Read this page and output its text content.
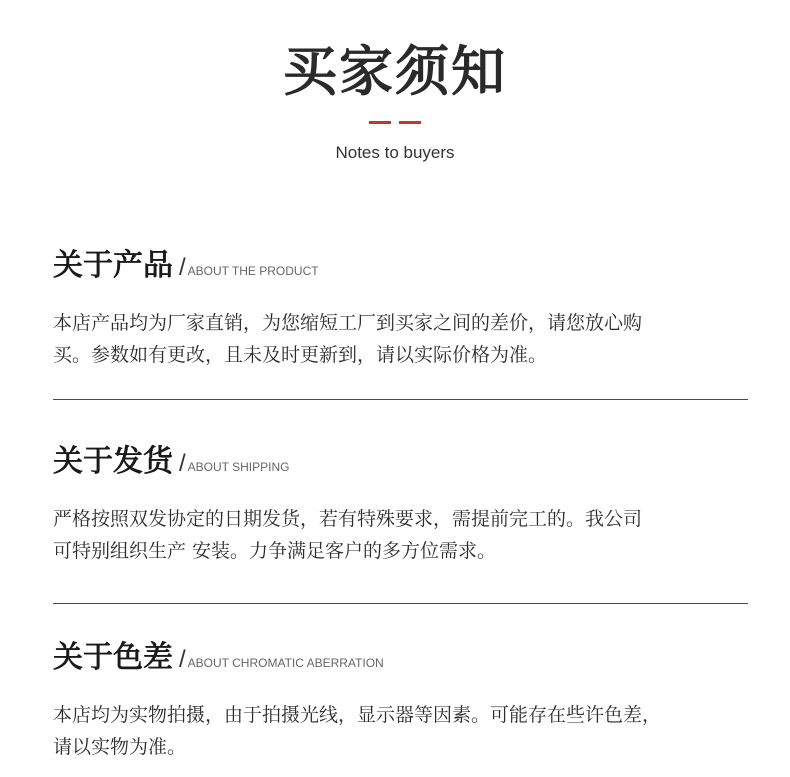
买家须知
Notes to buyers
关于产品 / ABOUT THE PRODUCT
本店产品均为厂家直销，为您缩短工厂到买家之间的差价，请您放心购
买。参数如有更改，且未及时更新到，请以实际价格为准。
关于发货 / ABOUT SHIPPING
严格按照双发协定的日期发货，若有特殊要求，需提前完工的。我公司
可特别组织生产 安装。力争满足客户的多方位需求。
关于色差 / ABOUT CHROMATIC ABERRATION
本店均为实物拍摄，由于拍摄光线，显示器等因素。可能存在些许色差，
请以实物为准。
